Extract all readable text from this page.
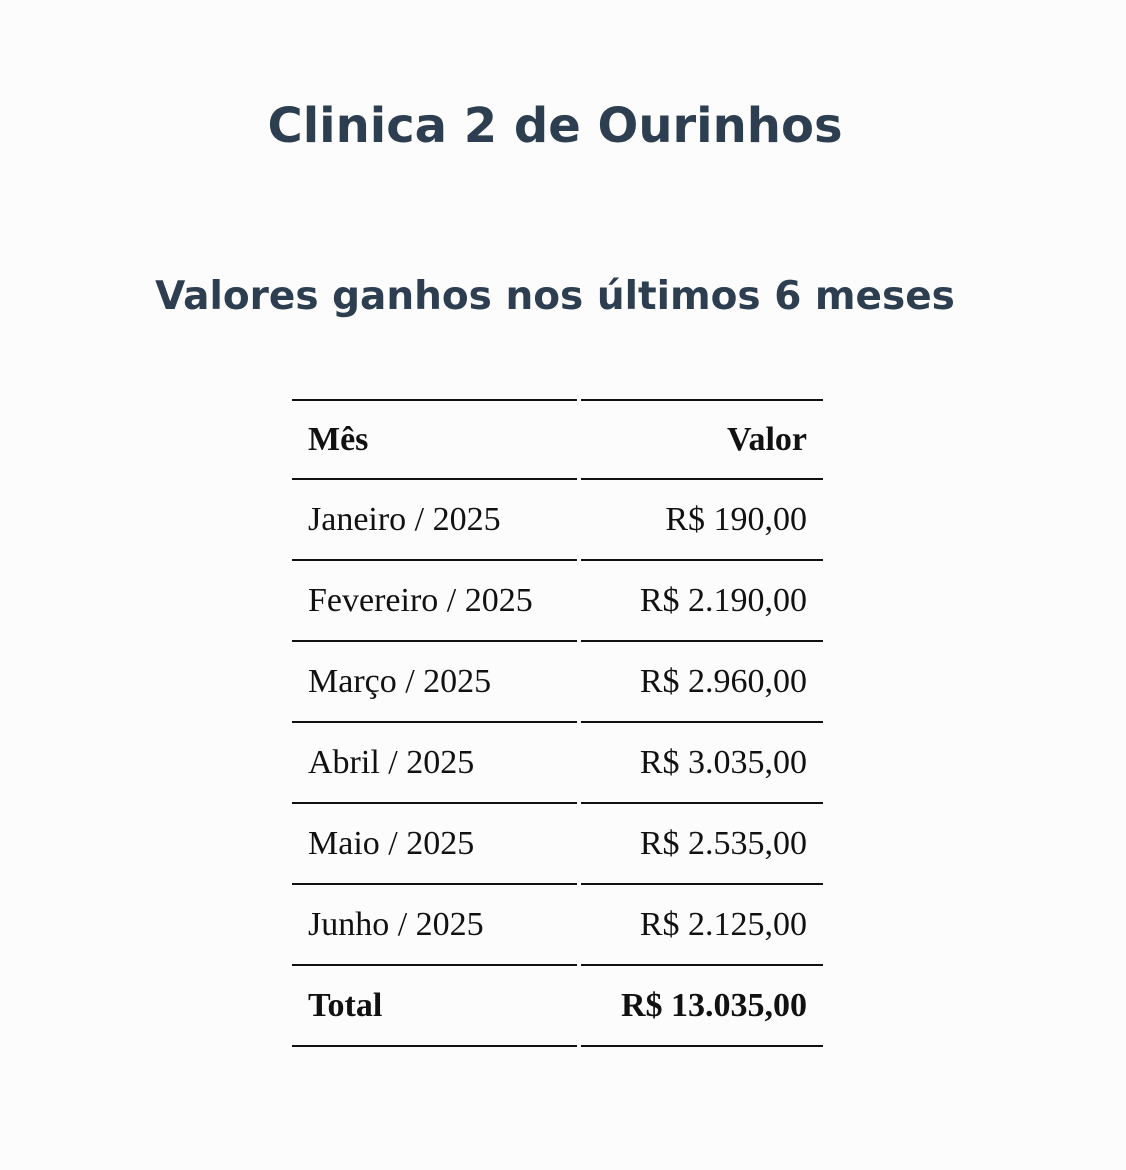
Clinica 2 de Ourinhos
Valores ganhos nos últimos 6 meses
Mês	Valor
Janeiro / 2025	R$ 190,00
Fevereiro / 2025	R$ 2.190,00
Março / 2025	R$ 2.960,00
Abril / 2025	R$ 3.035,00
Maio / 2025	R$ 2.535,00
Junho / 2025	R$ 2.125,00
Total	R$ 13.035,00
